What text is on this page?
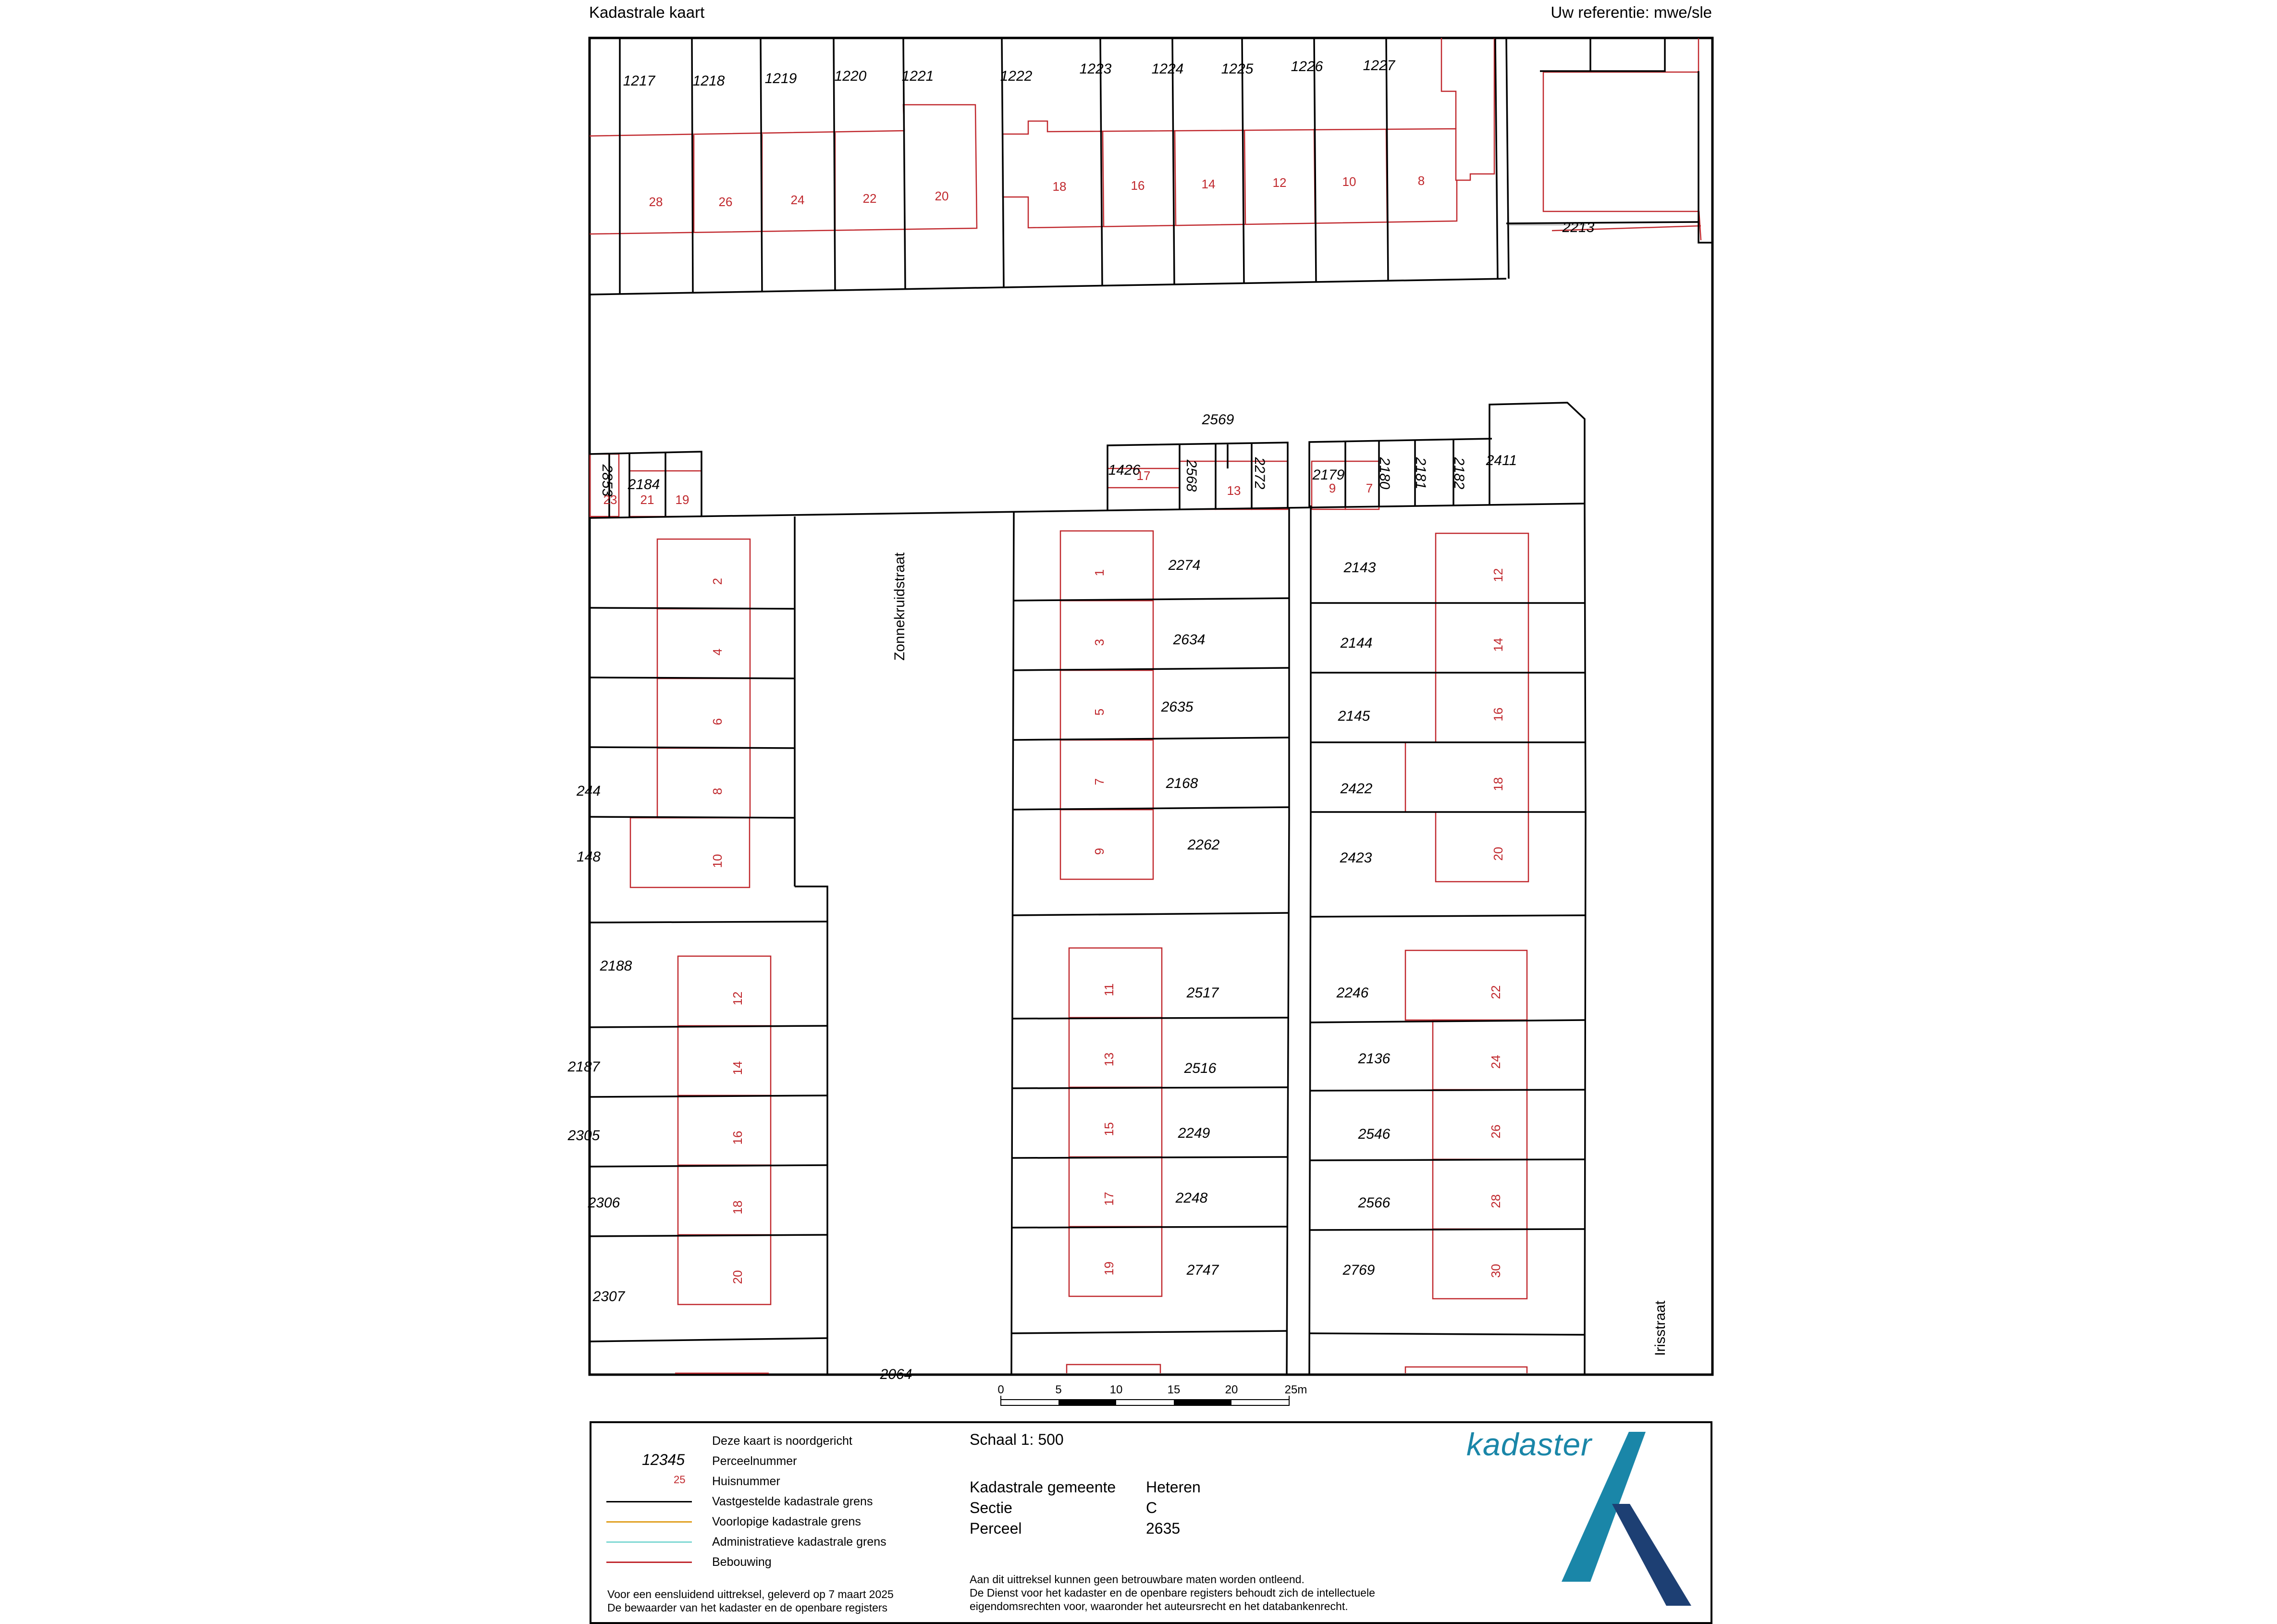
Kadastrale kaart	Uw referentie: mwe/sle
Zonnekruidstraat
Irisstraat
1217	1218	1219	1220 1221	1222	1223	1224	1225	1226	1227
2213
2569
1426	2568	2272	2179 2180 2181 2182 2411
2853 2184
2274
2634
2635
2168
2262
2143
2144
2145
2422
2423
244
148
2188
2187
2305
2306
2307
2517
2516
2249
2248
2747
2246
2136
2546
2566
2769
2064
28	26	24	22	20
18	16	14	12	10	8
17
13	9 7
23 21 19
2
4
6
8
10
1
3
5
7
9
12
14
16
18
20
12
14
16
18
20
11
13
15
17
19
22
24
26
28
30
0	5	10	15	20	25m
Deze kaart is noordgericht
12345 Perceelnummer
25 Huisnummer
Vastgestelde kadastrale grens
Voorlopige kadastrale grens
Administratieve kadastrale grens
Bebouwing
Voor een eensluidend uittreksel, geleverd op 7 maart 2025
De bewaarder van het kadaster en de openbare registers
Schaal 1: 500
Kadastrale gemeente Heteren
Sectie	C
Perceel	2635
Aan dit uittreksel kunnen geen betrouwbare maten worden ontleend.
De Dienst voor het kadaster en de openbare registers behoudt zich de intellectuele
eigendomsrechten voor, waaronder het auteursrecht en het databankenrecht.
kadaster
